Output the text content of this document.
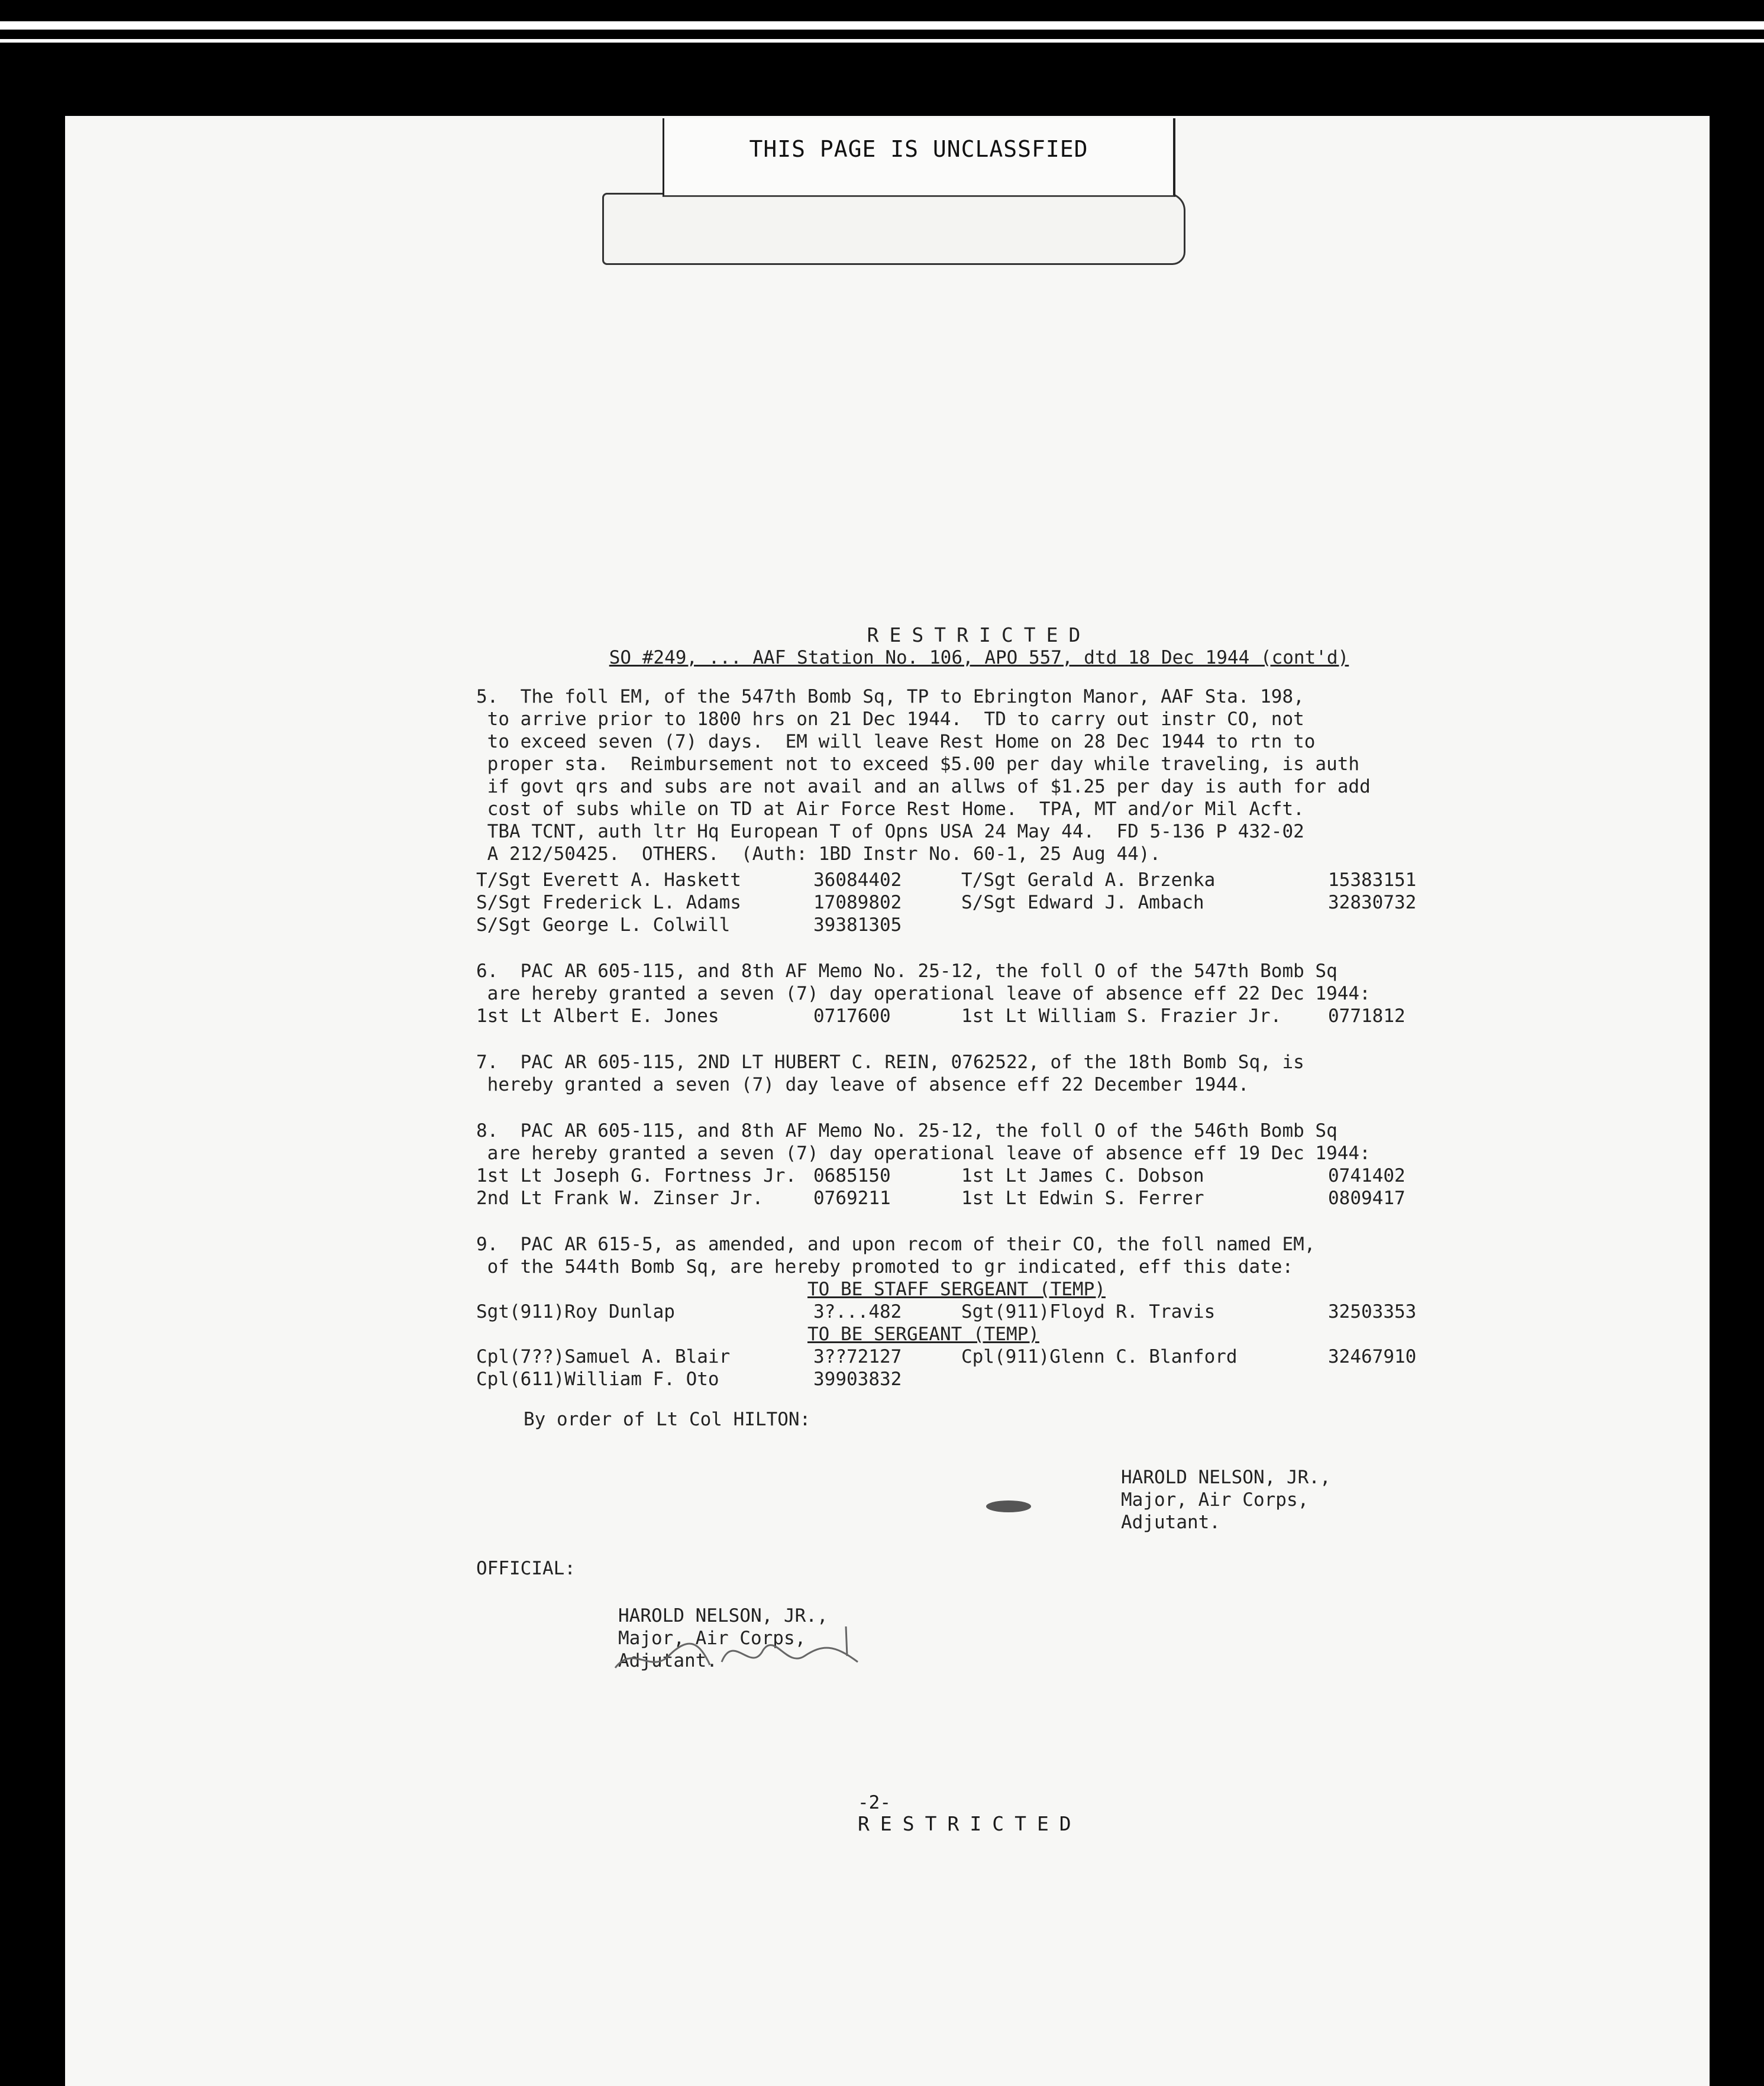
THIS PAGE IS UNCLASSFIED
RESTRICTED
SO #2‌49, ... AAF Station No. 106, APO 557, dtd 18 Dec 1944 (cont'd)
5.  The foll EM, of the 547th Bomb Sq, TP to Ebrington Manor, AAF Sta. 198,
to arrive prior to 1800 hrs on 21 Dec 1944.  TD to carry out instr CO, not
to exceed seven (7) days.  EM will leave Rest Home on 28 Dec 1944 to rtn to
proper sta.  Reimbursement not to exceed $5.00 per day while traveling, is auth
if govt qrs and subs are not avail and an allws of $1.25 per day is auth for add
cost of subs while on TD at Air Force Rest Home.  TPA, MT and/or Mil Acft.
TBA TCNT, auth ltr Hq European T of Opns USA 24 May 44.  FD 5-136 P 432-02
A 212/50425.  OTHERS.  (Auth: 1BD Instr No. 60-1, 25 Aug 44).
T/Sgt Everett A. Haskett	36084402	T/Sgt Gerald A. Brzenka	15383151
S/Sgt Frederick L. Adams	17089802	S/Sgt Edward J. Ambach	32830732
S/Sgt George L. Colwill	39381305
6.  PAC AR 605-115, and 8th AF Memo No. 25-12, the foll O of the 547th Bomb Sq
are hereby granted a seven (7) day operational leave of absence eff 22 Dec 1944:
1st Lt Albert E. Jones	0717600	1st Lt William S. Frazier Jr.	0771812
7.  PAC AR 605-115, 2ND LT HUBERT C. REIN, 0762522, of the 18th Bomb Sq, is
hereby granted a seven (7) day leave of absence eff 22 December 1944.
8.  PAC AR 605-115, and 8th AF Memo No. 25-12, the foll O of the 546th Bomb Sq
are hereby granted a seven (7) day operational leave of absence eff 19 Dec 1944:
1st Lt Joseph G. Fortness Jr. 0685150	1st Lt James C. Dobson	0741402
2nd Lt Frank W. Zinser Jr.	0769211	1st Lt Edwin S. Ferrer	0809417
9.  PAC AR 615-5, as amended, and upon recom of their CO, the foll named EM,
of the 544th Bomb Sq, are hereby promoted to gr indicated, eff this date:
TO BE STAFF SERGEANT (TEMP)
Sgt(911)Roy Dunlap	3?...482	Sgt(911)Floyd R. Travis	32503353
TO BE SERGEANT (TEMP)
Cpl(7??)Samuel A. Blair	3??72127	Cpl(911)Glenn C. Blanford	32467910
Cpl(611)William F. Oto	39903832
By order of Lt Col HILTON:
HAROLD NELSON, JR.,
Major, Air Corps,
Adjutant.
OFFICIAL:
HAROLD NELSON, JR.,
Major, Air Corps,
Adjutant.
-2-
RESTRICTED
